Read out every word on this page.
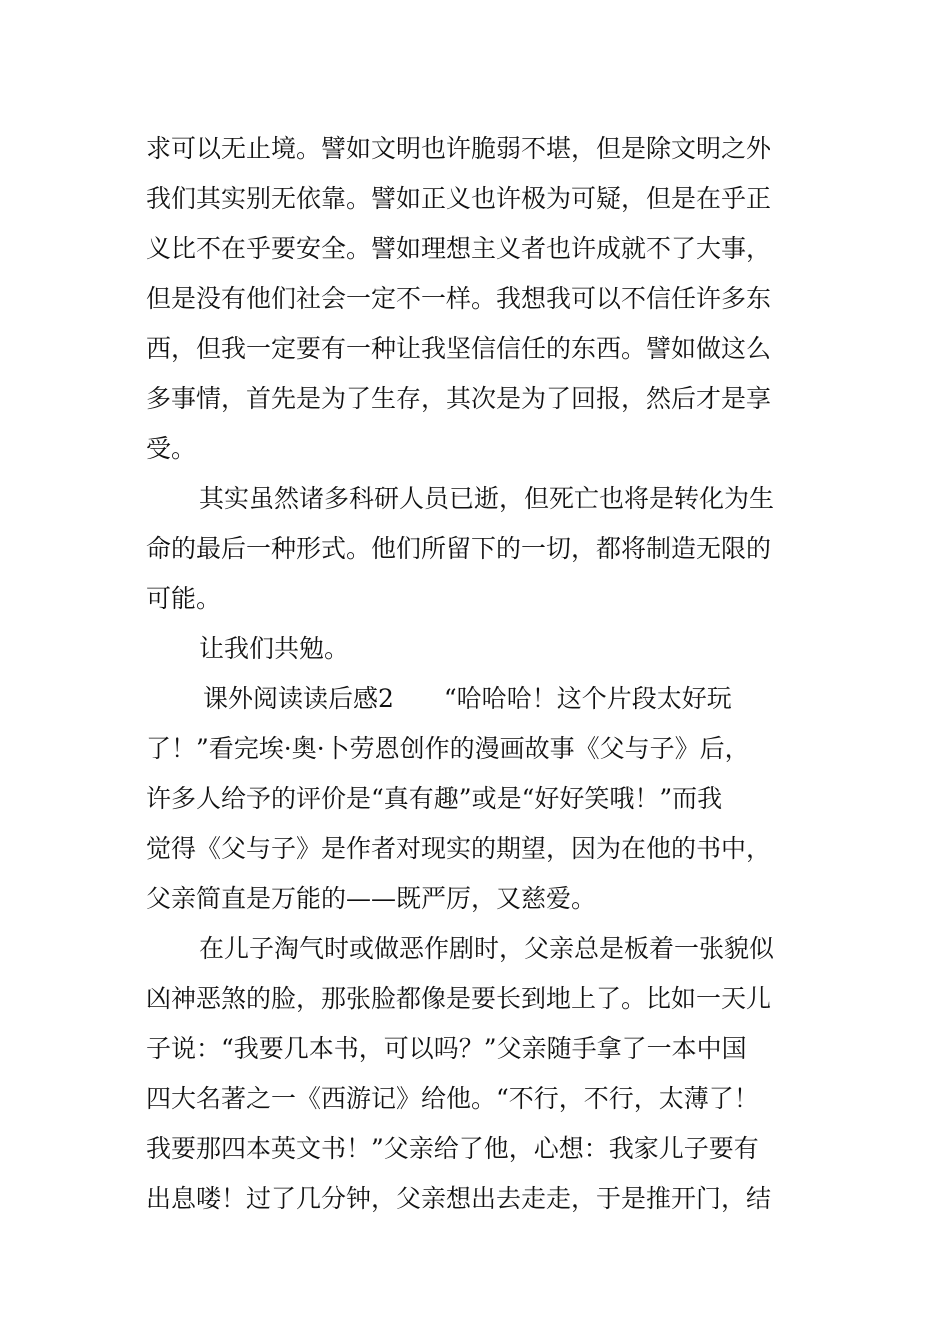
求可以无止境。譬如文明也许脆弱不堪，但是除文明之外
我们其实别无依靠。譬如正义也许极为可疑，但是在乎正
义比不在乎要安全。譬如理想主义者也许成就不了大事，
但是没有他们社会一定不一样。我想我可以不信任许多东
西，但我一定要有一种让我坚信信任的东西。譬如做这么
多事情，首先是为了生存，其次是为了回报，然后才是享
受。
其实虽然诸多科研人员已逝，但死亡也将是转化为生
命的最后一种形式。他们所留下的一切，都将制造无限的
可能。
让我们共勉。
课外阅读读后感2　　“哈哈哈！这个片段太好玩
了！”看完埃·奥·卜劳恩创作的漫画故事《父与子》后，
许多人给予的评价是“真有趣”或是“好好笑哦！”而我
觉得《父与子》是作者对现实的期望，因为在他的书中，
父亲简直是万能的——既严厉，又慈爱。
在儿子淘气时或做恶作剧时，父亲总是板着一张貌似
凶神恶煞的脸，那张脸都像是要长到地上了。比如一天儿
子说：“我要几本书，可以吗？”父亲随手拿了一本中国
四大名著之一《西游记》给他。“不行，不行，太薄了！
我要那四本英文书！”父亲给了他，心想：我家儿子要有
出息喽！过了几分钟，父亲想出去走走，于是推开门，结
